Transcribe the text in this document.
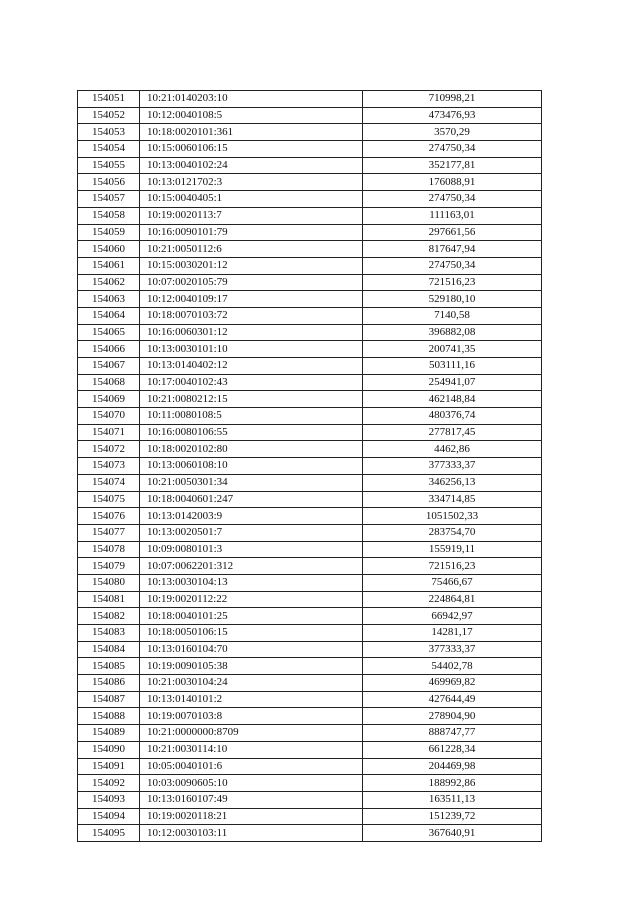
154051	10:21:0140203:10	710998,21
154052	10:12:0040108:5	473476,93
154053	10:18:0020101:361	3570,29
154054	10:15:0060106:15	274750,34
154055	10:13:0040102:24	352177,81
154056	10:13:0121702:3	176088,91
154057	10:15:0040405:1	274750,34
154058	10:19:0020113:7	111163,01
154059	10:16:0090101:79	297661,56
154060	10:21:0050112:6	817647,94
154061	10:15:0030201:12	274750,34
154062	10:07:0020105:79	721516,23
154063	10:12:0040109:17	529180,10
154064	10:18:0070103:72	7140,58
154065	10:16:0060301:12	396882,08
154066	10:13:0030101:10	200741,35
154067	10:13:0140402:12	503111,16
154068	10:17:0040102:43	254941,07
154069	10:21:0080212:15	462148,84
154070	10:11:0080108:5	480376,74
154071	10:16:0080106:55	277817,45
154072	10:18:0020102:80	4462,86
154073	10:13:0060108:10	377333,37
154074	10:21:0050301:34	346256,13
154075	10:18:0040601:247	334714,85
154076	10:13:0142003:9	1051502,33
154077	10:13:0020501:7	283754,70
154078	10:09:0080101:3	155919,11
154079	10:07:0062201:312	721516,23
154080	10:13:0030104:13	75466,67
154081	10:19:0020112:22	224864,81
154082	10:18:0040101:25	66942,97
154083	10:18:0050106:15	14281,17
154084	10:13:0160104:70	377333,37
154085	10:19:0090105:38	54402,78
154086	10:21:0030104:24	469969,82
154087	10:13:0140101:2	427644,49
154088	10:19:0070103:8	278904,90
154089	10:21:0000000:8709	888747,77
154090	10:21:0030114:10	661228,34
154091	10:05:0040101:6	204469,98
154092	10:03:0090605:10	188992,86
154093	10:13:0160107:49	163511,13
154094	10:19:0020118:21	151239,72
154095	10:12:0030103:11	367640,91
